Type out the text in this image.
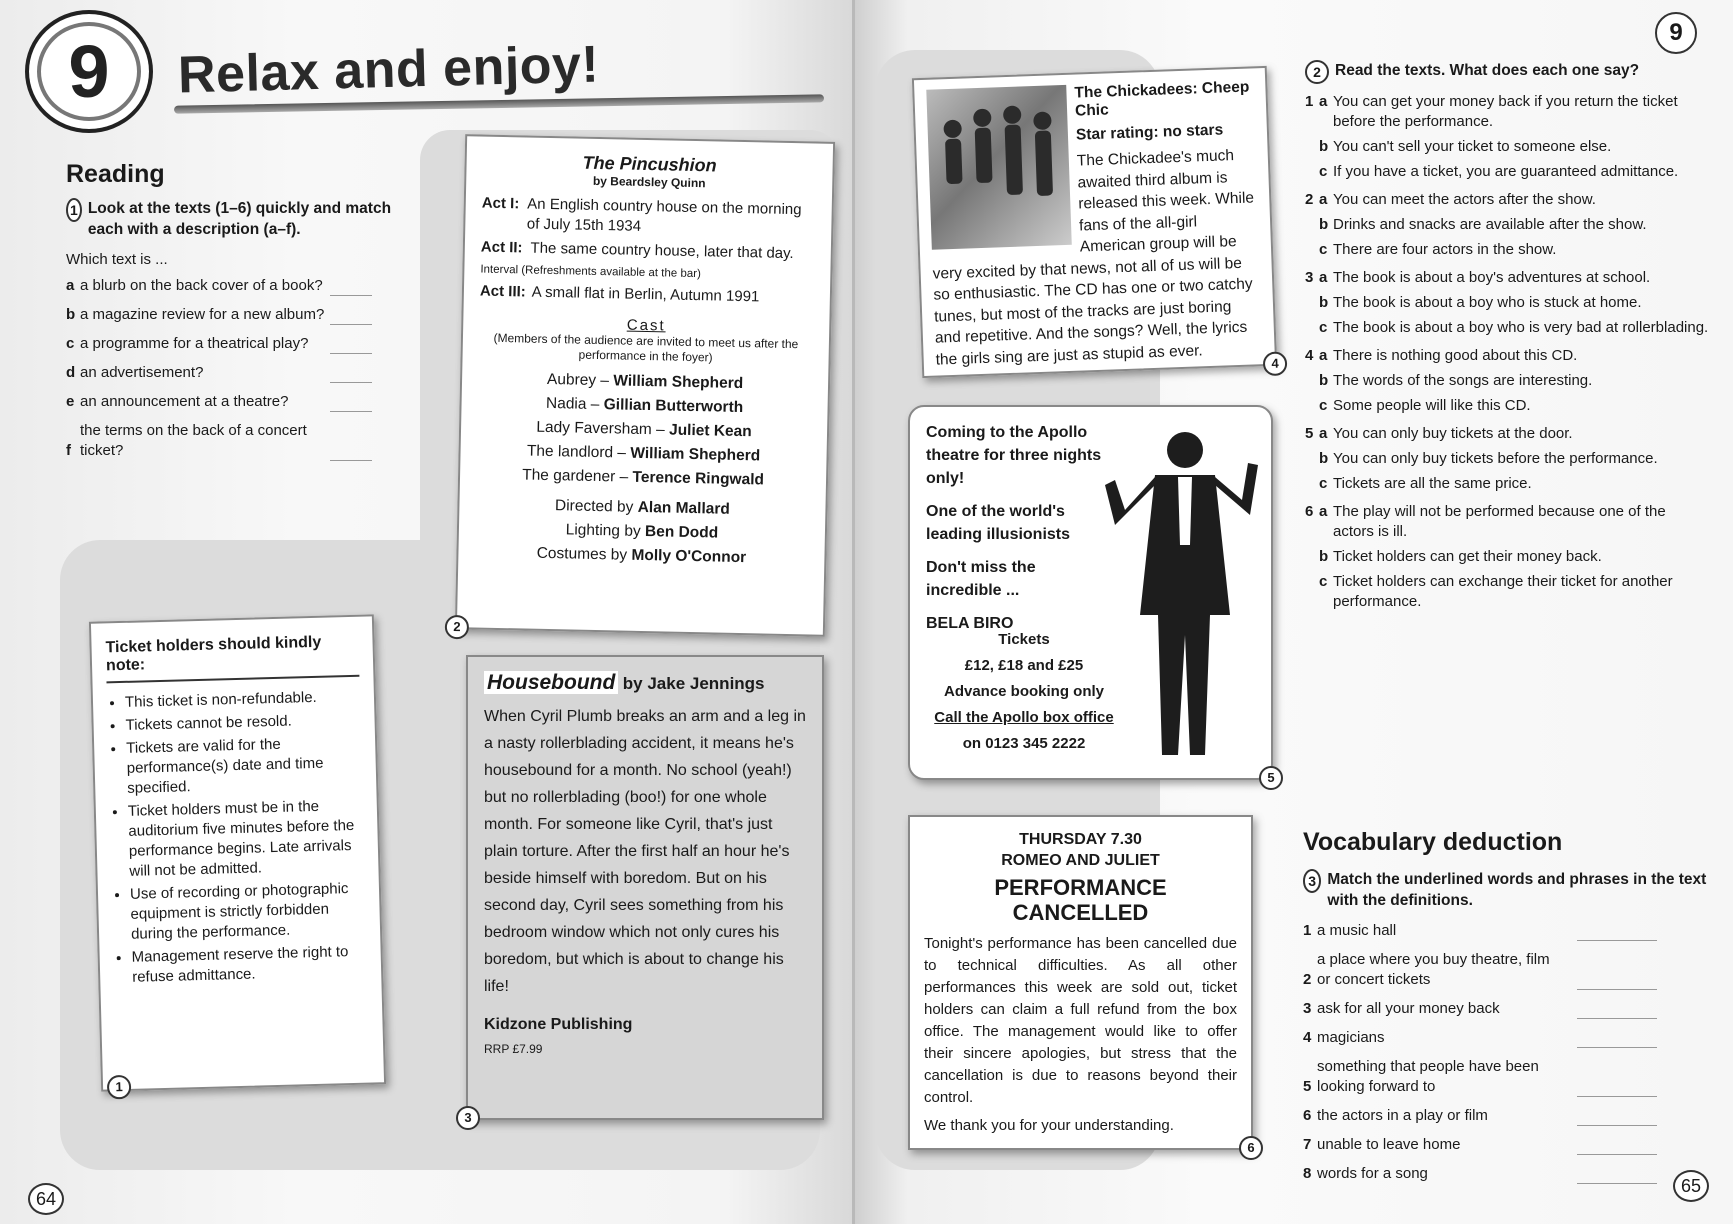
9	Relax and enjoy!
Reading
1 Look at the texts (1–6) quickly and match each with a description (a–f).
Which text is ...
a a blurb on the back cover of a book?
b a magazine review for a new album?
c a programme for a theatrical play?
d an advertisement?
e an announcement at a theatre?
f
the terms on the back of a concert ticket?
Ticket holders should kindly note:
• This ticket is non-refundable.
• Tickets cannot be resold.
• Tickets are valid for the performance(s) date and time specified.
• Ticket holders must be in the auditorium five minutes before the performance begins. Late arrivals will not be admitted.
• Use of recording or photographic equipment is strictly forbidden during the performance.
• Management reserve the right to refuse admittance.
1
The Pincushion
by Beardsley Quinn
Act I: An English country house on the morning of July 15th 1934
Act II: The same country house, later that day.
Interval (Refreshments available at the bar)
Act III: A small flat in Berlin, Autumn 1991
Cast
(Members of the audience are invited to meet us after the performance in the foyer)
Aubrey – William Shepherd
Nadia – Gillian Butterworth
Lady Faversham – Juliet Kean
The landlord – William Shepherd
The gardener – Terence Ringwald
Directed by Alan Mallard
Lighting by Ben Dodd
Costumes by Molly O'Connor
2
Housebound by Jake Jennings
When Cyril Plumb breaks an arm and a leg in a nasty rollerblading accident, it means he's housebound for a month. No school (yeah!) but no rollerblading (boo!) for one whole month. For someone like Cyril, that's just plain torture. After the first half an hour he's beside himself with boredom. But on his second day, Cyril sees something from his bedroom window which not only cures his boredom, but which is about to change his life!
Kidzone Publishing
RRP £7.99
3
64
The Chickadees: Cheep Chic
Star rating: no stars
The Chickadee's much awaited third album is released this week. While fans of the all-girl American group will be very excited by that news, not all of us will be so enthusiastic. The CD has one or two catchy tunes, but most of the tracks are just boring and repetitive. And the songs? Well, the lyrics the girls sing are just as stupid as ever.	4
Coming to the Apollo theatre for three nights only!
One of the world's leading illusionists
Don't miss the incredible ...
BELA BIRO
Tickets
£12, £18 and £25
Advance booking only
Call the Apollo box office
on 0123 345 2222
5
THURSDAY 7.30
ROMEO AND JULIET
PERFORMANCE CANCELLED
Tonight's performance has been cancelled due to technical difficulties. As all other performances this week are sold out, ticket holders can claim a full refund from the box office. The management would like to offer their sincere apologies, but stress that the cancellation is due to reasons beyond their control.
We thank you for your understanding.
6
2 Read the texts. What does each one say?
1 a You can get your money back if you return the ticket before the performance.
b You can't sell your ticket to someone else.
c If you have a ticket, you are guaranteed admittance.
2 a You can meet the actors after the show.
b Drinks and snacks are available after the show.
c There are four actors in the show.
3 a The book is about a boy's adventures at school.
b The book is about a boy who is stuck at home.
c The book is about a boy who is very bad at rollerblading.
4 a There is nothing good about this CD.
b The words of the songs are interesting.
c Some people will like this CD.
5 a You can only buy tickets at the door.
b You can only buy tickets before the performance.
c Tickets are all the same price.
6 a The play will not be performed because one of the actors is ill.
b Ticket holders can get their money back.
c Ticket holders can exchange their ticket for another performance.
Vocabulary deduction
3 Match the underlined words and phrases in the text with the definitions.
1 a music hall
2
a place where you buy theatre, film or concert tickets
3 ask for all your money back
4 magicians
5
something that people have been looking forward to
6 the actors in a play or film
7 unable to leave home
8 words for a song
9
65
